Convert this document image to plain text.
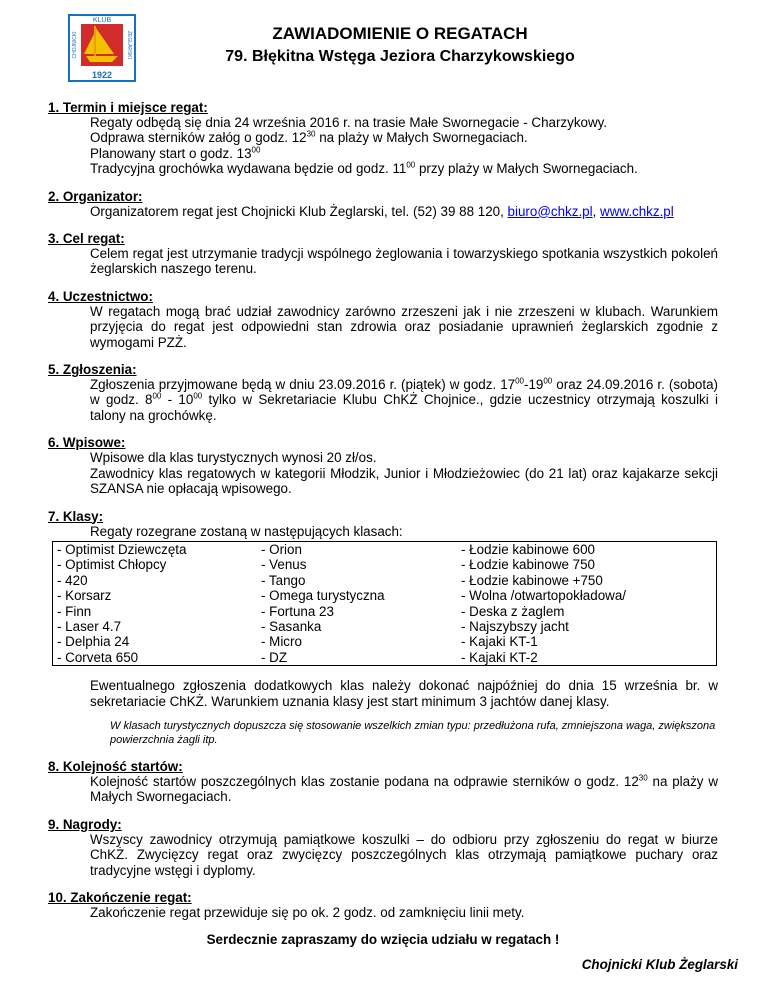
KLUB
CHOJNICKI	ŻEGLARSKI
1922
ZAWIADOMIENIE O REGATACH
79. Błękitna Wstęga Jeziora Charzykowskiego
1. Termin i miejsce regat:

Regaty odbędą się dnia 24 września 2016 r. na trasie Małe Swornegacie - Charzykowy.

Odprawa sterników załóg o godz. $12^{30}$ na plaży w Małych Swornegaciach.

Planowany start o godz. $13^{00}$

Tradycyjna grochówka wydawana będzie od godz. $11^{00}$ przy plaży w Małych Swornegaciach.

2. Organizator:
Organizatorem regat jest Chojnicki Klub Żeglarski, tel. (52) 39 88 120, biuro@chkz.pl, www.chkz.pl
3. Cel regat:
Celem regat jest utrzymanie tradycji wspólnego żeglowania i towarzyskiego spotkania wszystkich pokoleń żeglarskich naszego terenu.
4. Uczestnictwo:
W regatach mogą brać udział zawodnicy zarówno zrzeszeni jak i nie zrzeszeni w klubach. Warunkiem przyjęcia do regat jest odpowiedni stan zdrowia oraz posiadanie uprawnień żeglarskich zgodnie z wymogami PZŻ.
5. Zgłoszenia:
Zgłoszenia przyjmowane będą w dniu 23.09.2016 r. (piątek) w godz. $17^{00}-19^{00}$ oraz 24.09.2016 r. (sobota) w godz. $8^{00} - 10^{00}$ tylko w Sekretariacie Klubu ChKŻ Chojnice., gdzie uczestnicy otrzymają koszulki i talony na grochówkę.
6. Wpisowe:

Wpisowe dla klas turystycznych wynosi 20 zł/os.

Zawodnicy klas regatowych w kategorii Młodzik, Junior i Młodzieżowiec (do 21 lat) oraz kajakarze sekcji SZANSA nie opłacają wpisowego.

7. Klasy:
Regaty rozegrane zostaną w następujących klasach:
- Optimist Dziewczęta	- Orion	- Łodzie kabinowe 600
- Optimist Chłopcy	- Venus	- Łodzie kabinowe 750
- 420	- Tango	- Łodzie kabinowe +750
- Korsarz	- Omega turystyczna	- Wolna /otwartopokładowa/
- Finn	- Fortuna 23	- Deska z żaglem
- Laser 4.7	- Sasanka	- Najszybszy jacht
- Delphia 24	- Micro	- Kajaki KT-1
- Corveta 650	- DZ	- Kajaki KT-2
Ewentualnego zgłoszenia dodatkowych klas należy dokonać najpóźniej do dnia 15 września br. w sekretariacie ChKŻ. Warunkiem uznania klasy jest start minimum 3 jachtów danej klasy.
W klasach turystycznych dopuszcza się stosowanie wszelkich zmian typu: przedłużona rufa, zmniejszona waga, zwiększona powierzchnia żagli itp.
8. Kolejność startów:
Kolejność startów poszczególnych klas zostanie podana na odprawie sterników o godz. $12^{30}$ na plaży w Małych Swornegaciach.
9. Nagrody:
Wszyscy zawodnicy otrzymują pamiątkowe koszulki – do odbioru przy zgłoszeniu do regat w biurze ChKŻ. Zwycięzcy regat oraz zwycięzcy poszczególnych klas otrzymają pamiątkowe puchary oraz tradycyjne wstęgi i dyplomy.
10. Zakończenie regat:
Zakończenie regat przewiduje się po ok. 2 godz. od zamknięciu linii mety.
Serdecznie zapraszamy do wzięcia udziału w regatach !
Chojnicki Klub Żeglarski
